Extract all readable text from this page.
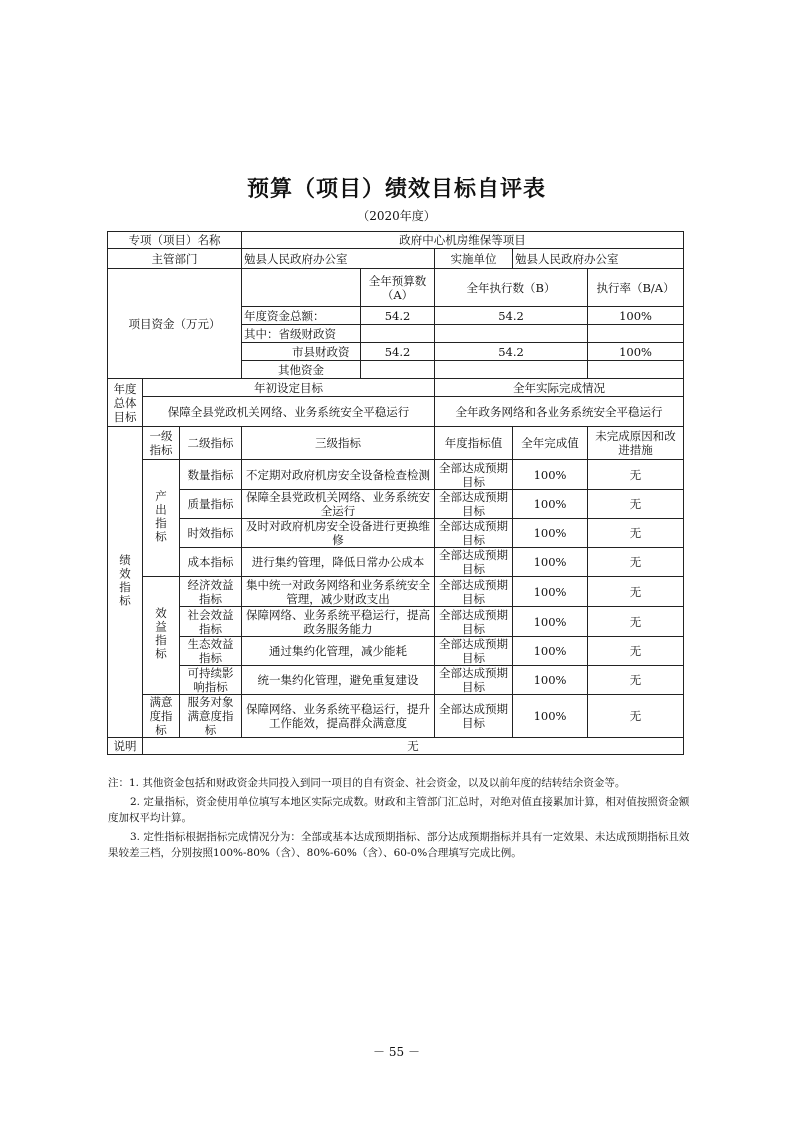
预算（项目）绩效目标自评表
（2020年度）
专项（项目）名称			政府中心机房维保等项目				
主管部门			勉县人民政府办公室		实施单位	勉县人民政府办公室	
项目资金（万元）				全年预算数（A）	全年执行数（B）		执行率（B/A）
			年度资金总额：	54.2	54.2		100%
			其中：省级财政资				
			市县财政资	54.2	54.2		100%
			其他资金				
年度总体目标	年初设定目标				全年实际完成情况		
	保障全县党政机关网络、业务系统安全平稳运行				全年政务网络和各业务系统安全平稳运行		
绩效指标	一级指标	二级指标	三级指标		年度指标值	全年完成值	未完成原因和改进措施
	产出指标	数量指标	不定期对政府机房安全设备检查检测		全部达成预期目标	100%	无
		质量指标	保障全县党政机关网络、业务系统安全运行		全部达成预期目标	100%	无
		时效指标	及时对政府机房安全设备进行更换维修		全部达成预期目标	100%	无
		成本指标	进行集约管理，降低日常办公成本		全部达成预期目标	100%	无
	效益指标	经济效益指标	集中统一对政务网络和业务系统安全管理，减少财政支出		全部达成预期目标	100%	无
		社会效益指标	保障网络、业务系统平稳运行，提高政务服务能力		全部达成预期目标	100%	无
		生态效益指标	通过集约化管理，减少能耗		全部达成预期目标	100%	无
		可持续影响指标	统一集约化管理，避免重复建设		全部达成预期目标	100%	无
	满意度指标	服务对象满意度指标	保障网络、业务系统平稳运行，提升工作能效，提高群众满意度		全部达成预期目标	100%	无
说明	无						

注：1. 其他资金包括和财政资金共同投入到同一项目的自有资金、社会资金，以及以前年度的结转结余资金等。

2. 定量指标，资金使用单位填写本地区实际完成数。财政和主管部门汇总时，对绝对值直接累加计算，相对值按照资金额度加权平均计算。

3. 定性指标根据指标完成情况分为：全部或基本达成预期指标、部分达成预期指标并具有一定效果、未达成预期指标且效果较差三档，分别按照100%-80%（含）、80%-60%（含）、60-0%合理填写完成比例。

－ 55 －
